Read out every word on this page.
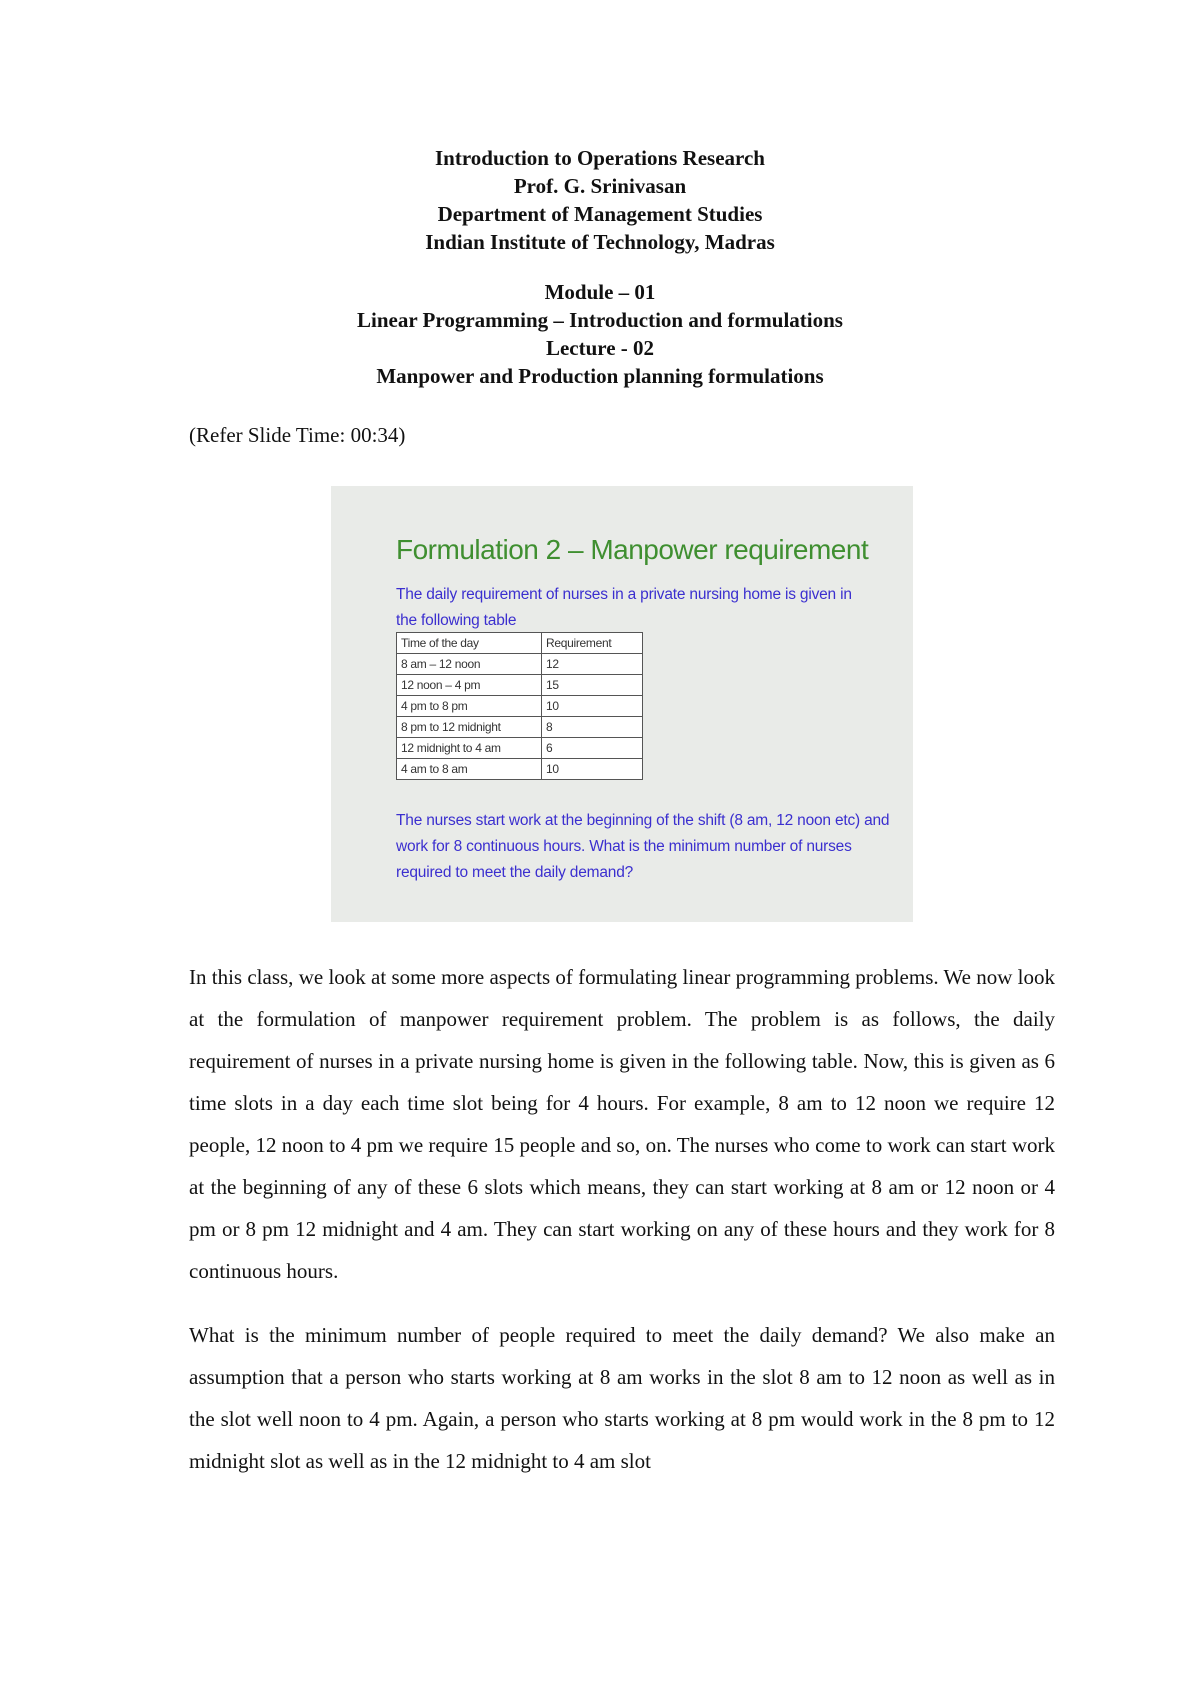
Introduction to Operations Research
Prof. G. Srinivasan
Department of Management Studies
Indian Institute of Technology, Madras
Module – 01
Linear Programming – Introduction and formulations
Lecture - 02
Manpower and Production planning formulations
(Refer Slide Time: 00:34)
Formulation 2 – Manpower requirement
The daily requirement of nurses in a private nursing home is given in the following table
Time of the day	Requirement
8 am – 12 noon	12
12 noon – 4 pm	15
4 pm to 8 pm	10
8 pm to 12 midnight	8
12 midnight to 4 am	6
4 am to 8 am	10
The nurses start work at the beginning of the shift (8 am, 12 noon etc) and work for 8 continuous hours. What is the minimum number of nurses required to meet the daily demand?

In this class, we look at some more aspects of formulating linear programming problems. We now look at the formulation of manpower requirement problem. The problem is as follows, the daily requirement of nurses in a private nursing home is given in the following table. Now, this is given as 6 time slots in a day each time slot being for 4 hours. For example, 8 am to 12 noon we require 12 people, 12 noon to 4 pm we require 15 people and so, on. The nurses who come to work can start work at the beginning of any of these 6 slots which means, they can start working at 8 am or 12 noon or 4 pm or 8 pm 12 midnight and 4 am. They can start working on any of these hours and they work for 8 continuous hours.

What is the minimum number of people required to meet the daily demand? We also make an assumption that a person who starts working at 8 am works in the slot 8 am to 12 noon as well as in the slot well noon to 4 pm. Again, a person who starts working at 8 pm would work in the 8 pm to 12 midnight slot as well as in the 12 midnight to 4 am slot
